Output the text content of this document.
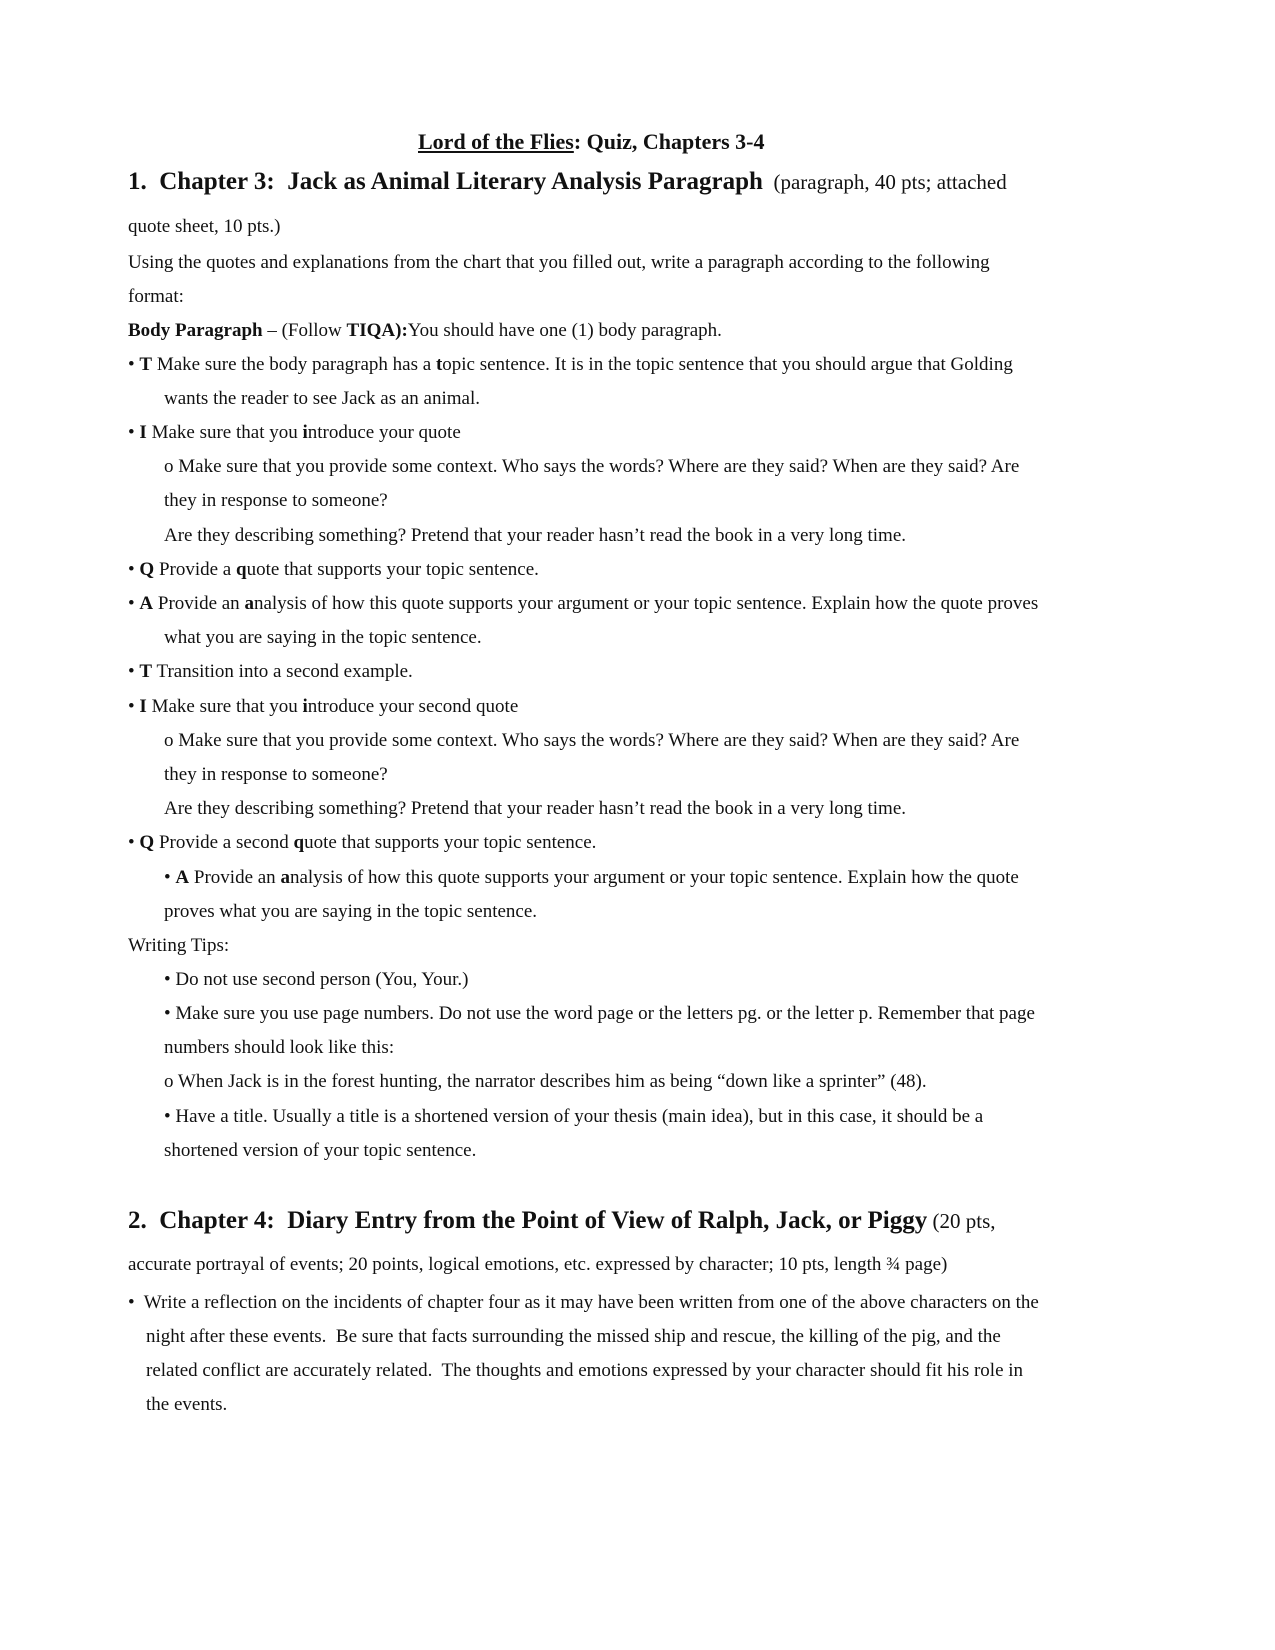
Lord of the Flies: Quiz, Chapters 3-4
1.  Chapter 3:  Jack as Animal Literary Analysis Paragraph  (paragraph, 40 pts; attached
quote sheet, 10 pts.)
Using the quotes and explanations from the chart that you filled out, write a paragraph according to the following
format:
Body Paragraph – (Follow TIQA):You should have one (1) body paragraph.
• T Make sure the body paragraph has a topic sentence. It is in the topic sentence that you should argue that Golding
wants the reader to see Jack as an animal.
• I Make sure that you introduce your quote
o Make sure that you provide some context. Who says the words? Where are they said? When are they said? Are
they in response to someone?
Are they describing something? Pretend that your reader hasn’t read the book in a very long time.
• Q Provide a quote that supports your topic sentence.
• A Provide an analysis of how this quote supports your argument or your topic sentence. Explain how the quote proves
what you are saying in the topic sentence.
• T Transition into a second example.
• I Make sure that you introduce your second quote
o Make sure that you provide some context. Who says the words? Where are they said? When are they said? Are
they in response to someone?
Are they describing something? Pretend that your reader hasn’t read the book in a very long time.
• Q Provide a second quote that supports your topic sentence.
• A Provide an analysis of how this quote supports your argument or your topic sentence. Explain how the quote
proves what you are saying in the topic sentence.
Writing Tips:
• Do not use second person (You, Your.)
• Make sure you use page numbers. Do not use the word page or the letters pg. or the letter p. Remember that page
numbers should look like this:
o When Jack is in the forest hunting, the narrator describes him as being “down like a sprinter” (48).
• Have a title. Usually a title is a shortened version of your thesis (main idea), but in this case, it should be a
shortened version of your topic sentence.
2.  Chapter 4:  Diary Entry from the Point of View of Ralph, Jack, or Piggy (20 pts,
accurate portrayal of events; 20 points, logical emotions, etc. expressed by character; 10 pts, length ¾ page)
•  Write a reflection on the incidents of chapter four as it may have been written from one of the above characters on the
night after these events.  Be sure that facts surrounding the missed ship and rescue, the killing of the pig, and the
related conflict are accurately related.  The thoughts and emotions expressed by your character should fit his role in
the events.
